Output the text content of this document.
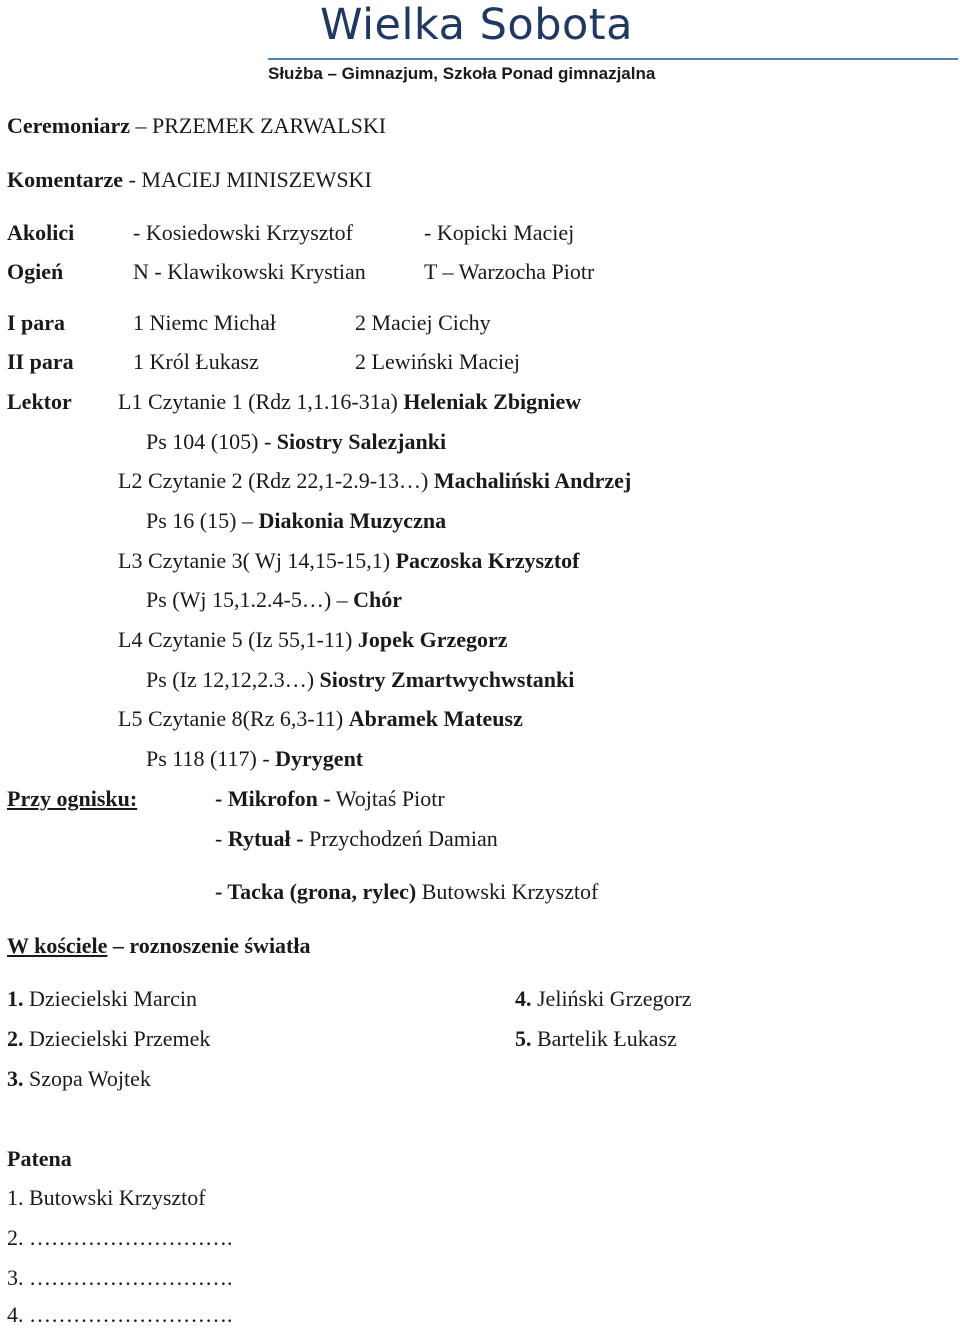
Wielka Sobota
Służba – Gimnazjum, Szkoła Ponad gimnazjalna
Ceremoniarz – PRZEMEK ZARWALSKI
Komentarze - MACIEJ MINISZEWSKI
Akolici	- Kosiedowski Krzysztof	- Kopicki Maciej
Ogień	N - Klawikowski Krystian	T – Warzocha Piotr
I para	1 Niemc Michał	2 Maciej Cichy
II para	1 Król Łukasz	2 Lewiński Maciej
Lektor L1 Czytanie 1 (Rdz 1,1.16-31a) Heleniak Zbigniew
Ps 104 (105) - Siostry Salezjanki
L2 Czytanie 2 (Rdz 22,1-2.9-13…) Machaliński Andrzej
Ps 16 (15) – Diakonia Muzyczna
L3 Czytanie 3( Wj 14,15-15,1) Paczoska Krzysztof
Ps (Wj 15,1.2.4-5…) – Chór
L4 Czytanie 5 (Iz 55,1-11) Jopek Grzegorz
Ps (Iz 12,12,2.3…) Siostry Zmartwychwstanki
L5 Czytanie 8(Rz 6,3-11) Abramek Mateusz
Ps 118 (117) - Dyrygent
Przy ognisku:	- Mikrofon - Wojtaś Piotr
- Rytuał - Przychodzeń Damian
- Tacka (grona, rylec) Butowski Krzysztof
W kościele – roznoszenie światła
1. Dziecielski Marcin
2. Dziecielski Przemek
3. Szopa Wojtek
4. Jeliński Grzegorz
5. Bartelik Łukasz
Patena
1. Butowski Krzysztof
2. ……………………….
3. ……………………….
4. ……………………….
